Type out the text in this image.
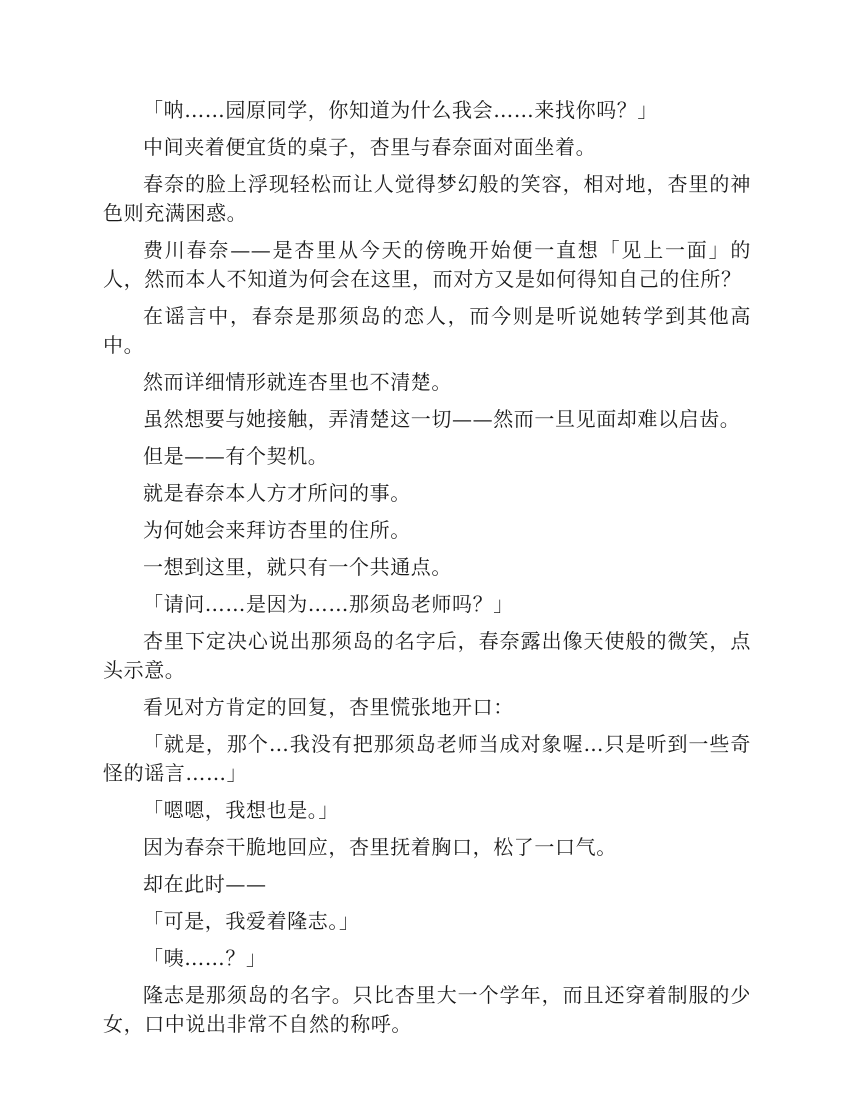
「呐……园原同学，你知道为什么我会……来找你吗？」

中间夹着便宜货的桌子，杏里与春奈面对面坐着。

春奈的脸上浮现轻松而让人觉得梦幻般的笑容，相对地，杏里的神色则充满困惑。

费川春奈——是杏里从今天的傍晚开始便一直想「见上一面」的人，然而本人不知道为何会在这里，而对方又是如何得知自己的住所？

在谣言中，春奈是那须岛的恋人，而今则是听说她转学到其他高中。

然而详细情形就连杏里也不清楚。

虽然想要与她接触，弄清楚这一切——然而一旦见面却难以启齿。

但是——有个契机。

就是春奈本人方才所问的事。

为何她会来拜访杏里的住所。

一想到这里，就只有一个共通点。

「请问……是因为……那须岛老师吗？」

杏里下定决心说出那须岛的名字后，春奈露出像天使般的微笑，点头示意。

看见对方肯定的回复，杏里慌张地开口：

「就是，那个…我没有把那须岛老师当成对象喔…只是听到一些奇怪的谣言……」

「嗯嗯，我想也是。」

因为春奈干脆地回应，杏里抚着胸口，松了一口气。

却在此时——

「可是，我爱着隆志。」

「咦……？」

隆志是那须岛的名字。只比杏里大一个学年，而且还穿着制服的少女，口中说出非常不自然的称呼。
